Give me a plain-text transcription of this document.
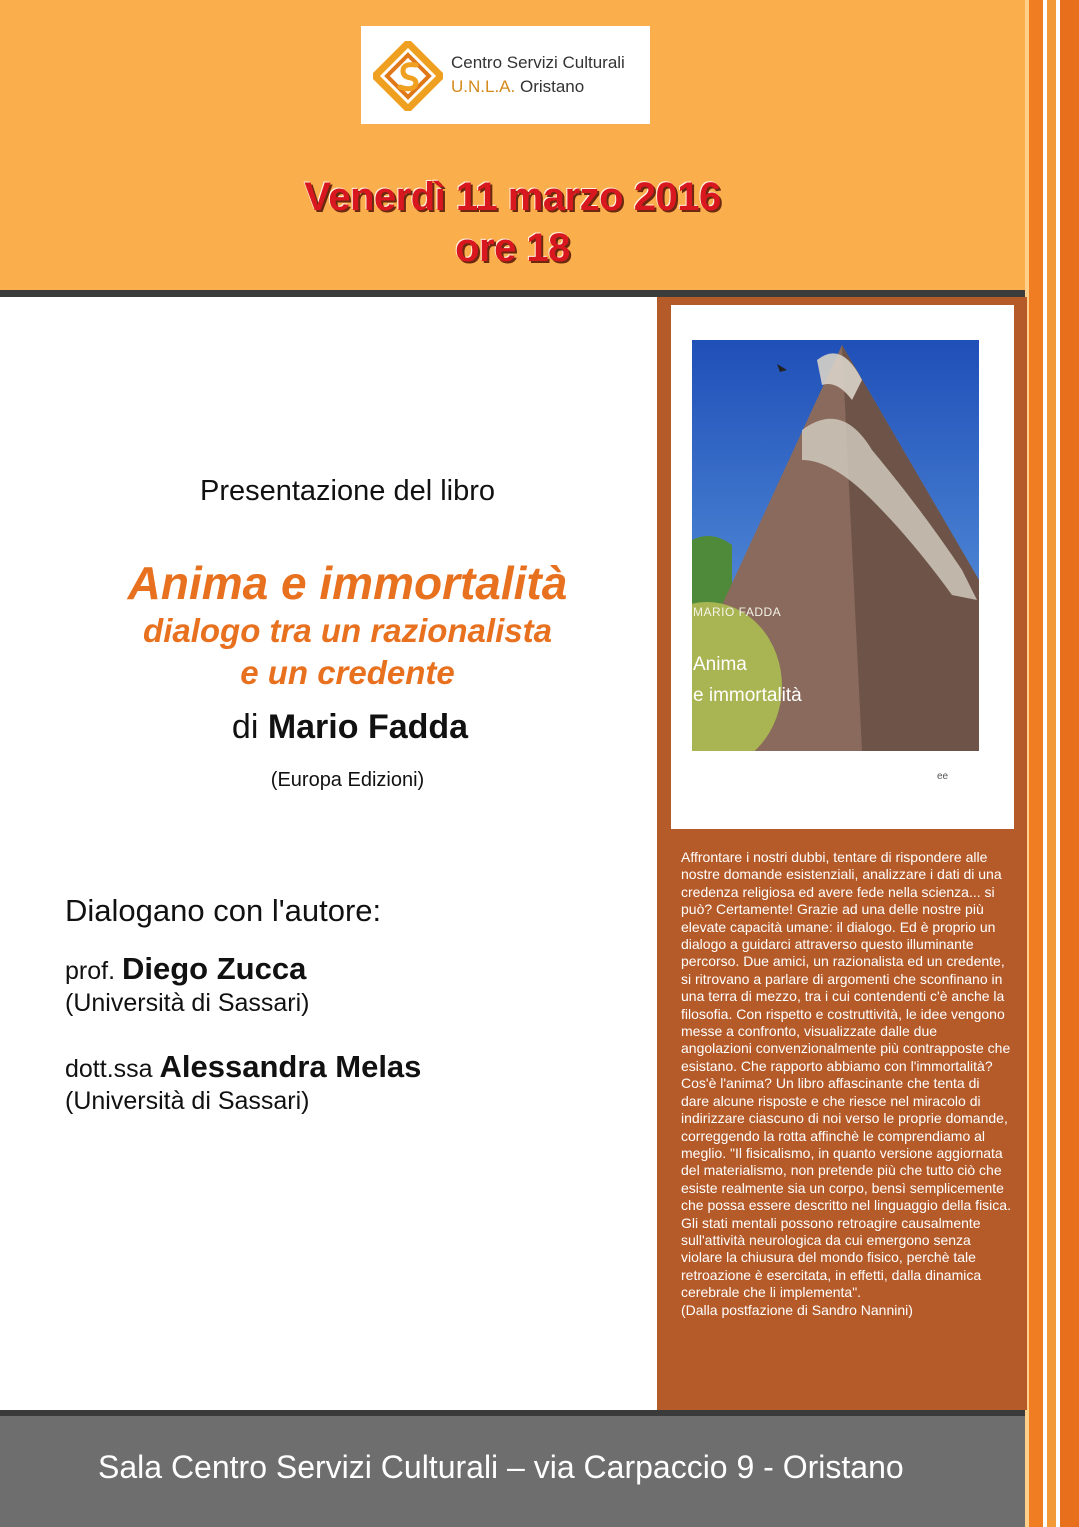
Centro Servizi Culturali
U.N.L.A. Oristano
Venerdì 11 marzo 2016
ore 18
Presentazione del libro
Anima e immortalità
dialogo tra un razionalista
e un credente
di Mario Fadda
(Europa Edizioni)
Dialogano con l'autore:
prof. Diego Zucca
(Università di Sassari)
dott.ssa Alessandra Melas
(Università di Sassari)
MARIO FADDA
Anima
e immortalità
ee
Affrontare i nostri dubbi, tentare di rispondere alle nostre domande esistenziali, analizzare i dati di una credenza religiosa ed avere fede nella scienza... si può? Certamente! Grazie ad una delle nostre più elevate capacità umane: il dialogo. Ed è proprio un dialogo a guidarci attraverso questo illuminante percorso. Due amici, un razionalista ed un credente, si ritrovano a parlare di argomenti che sconfinano in una terra di mezzo, tra i cui contendenti c'è anche la filosofia. Con rispetto e costruttività, le idee vengono messe a confronto, visualizzate dalle due angolazioni convenzionalmente più contrapposte che esistano. Che rapporto abbiamo con l'immortalità? Cos'è l'anima? Un libro affascinante che tenta di dare alcune risposte e che riesce nel miracolo di indirizzare ciascuno di noi verso le proprie domande, correggendo la rotta affinchè le comprendiamo al meglio. "Il fisicalismo, in quanto versione aggiornata del materialismo, non pretende più che tutto ciò che esiste realmente sia un corpo, bensì semplicemente che possa essere descritto nel linguaggio della fisica. Gli stati mentali possono retroagire causalmente sull'attività neurologica da cui emergono senza violare la chiusura del mondo fisico, perchè tale retroazione è esercitata, in effetti, dalla dinamica cerebrale che li implementa".
(Dalla postfazione di Sandro Nannini)
Sala Centro Servizi Culturali – via Carpaccio 9 - Oristano
